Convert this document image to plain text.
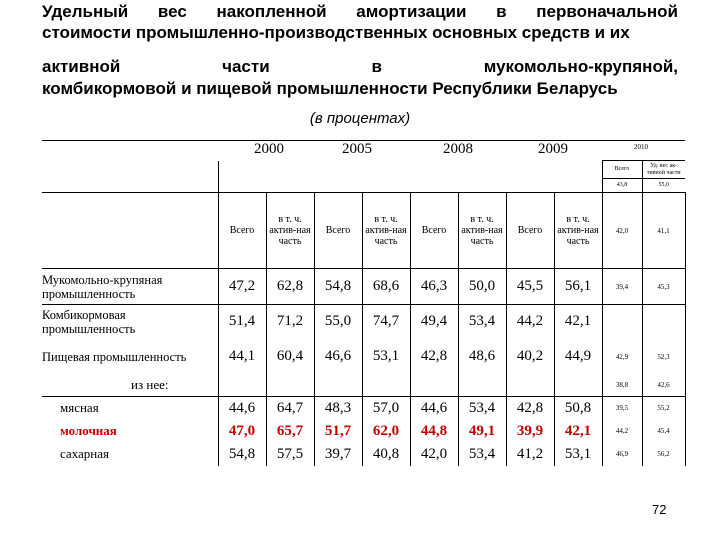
Удельный вес накопленной амортизации в первоначальной

стоимости промышленно-производственных основных средств и их

активной части в мукомольно-крупяной,

комбикормовой и пищевой промышленности Республики Беларусь

(в процентах)
2000	2005	2008	2009	2010
									Всего	Уд. вес ак-тивной части
									43,8	55,0
	Всего	в т. ч. актив-ная часть	Всего	в т. ч. актив-ная часть	Всего	в т. ч. актив-ная часть	Всего	в т. ч. актив-ная часть	42,0	41,1
Мукомольно-крупяная промышленность	47,2	62,8	54,8	68,6	46,3	50,0	45,5	56,1	39,4	45,3
Комбикормовая промышленность	51,4	71,2	55,0	74,7	49,4	53,4	44,2	42,1		
Пищевая промышленность	44,1	60,4	46,6	53,1	42,8	48,6	40,2	44,9	42,9	52,3
из нее:									38,8	42,6
мясная	44,6	64,7	48,3	57,0	44,6	53,4	42,8	50,8	39,5	55,2
молочная	47,0	65,7	51,7	62,0	44,8	49,1	39,9	42,1	44,2	45,4
сахарная	54,8	57,5	39,7	40,8	42,0	53,4	41,2	53,1	46,9	56,2
72
